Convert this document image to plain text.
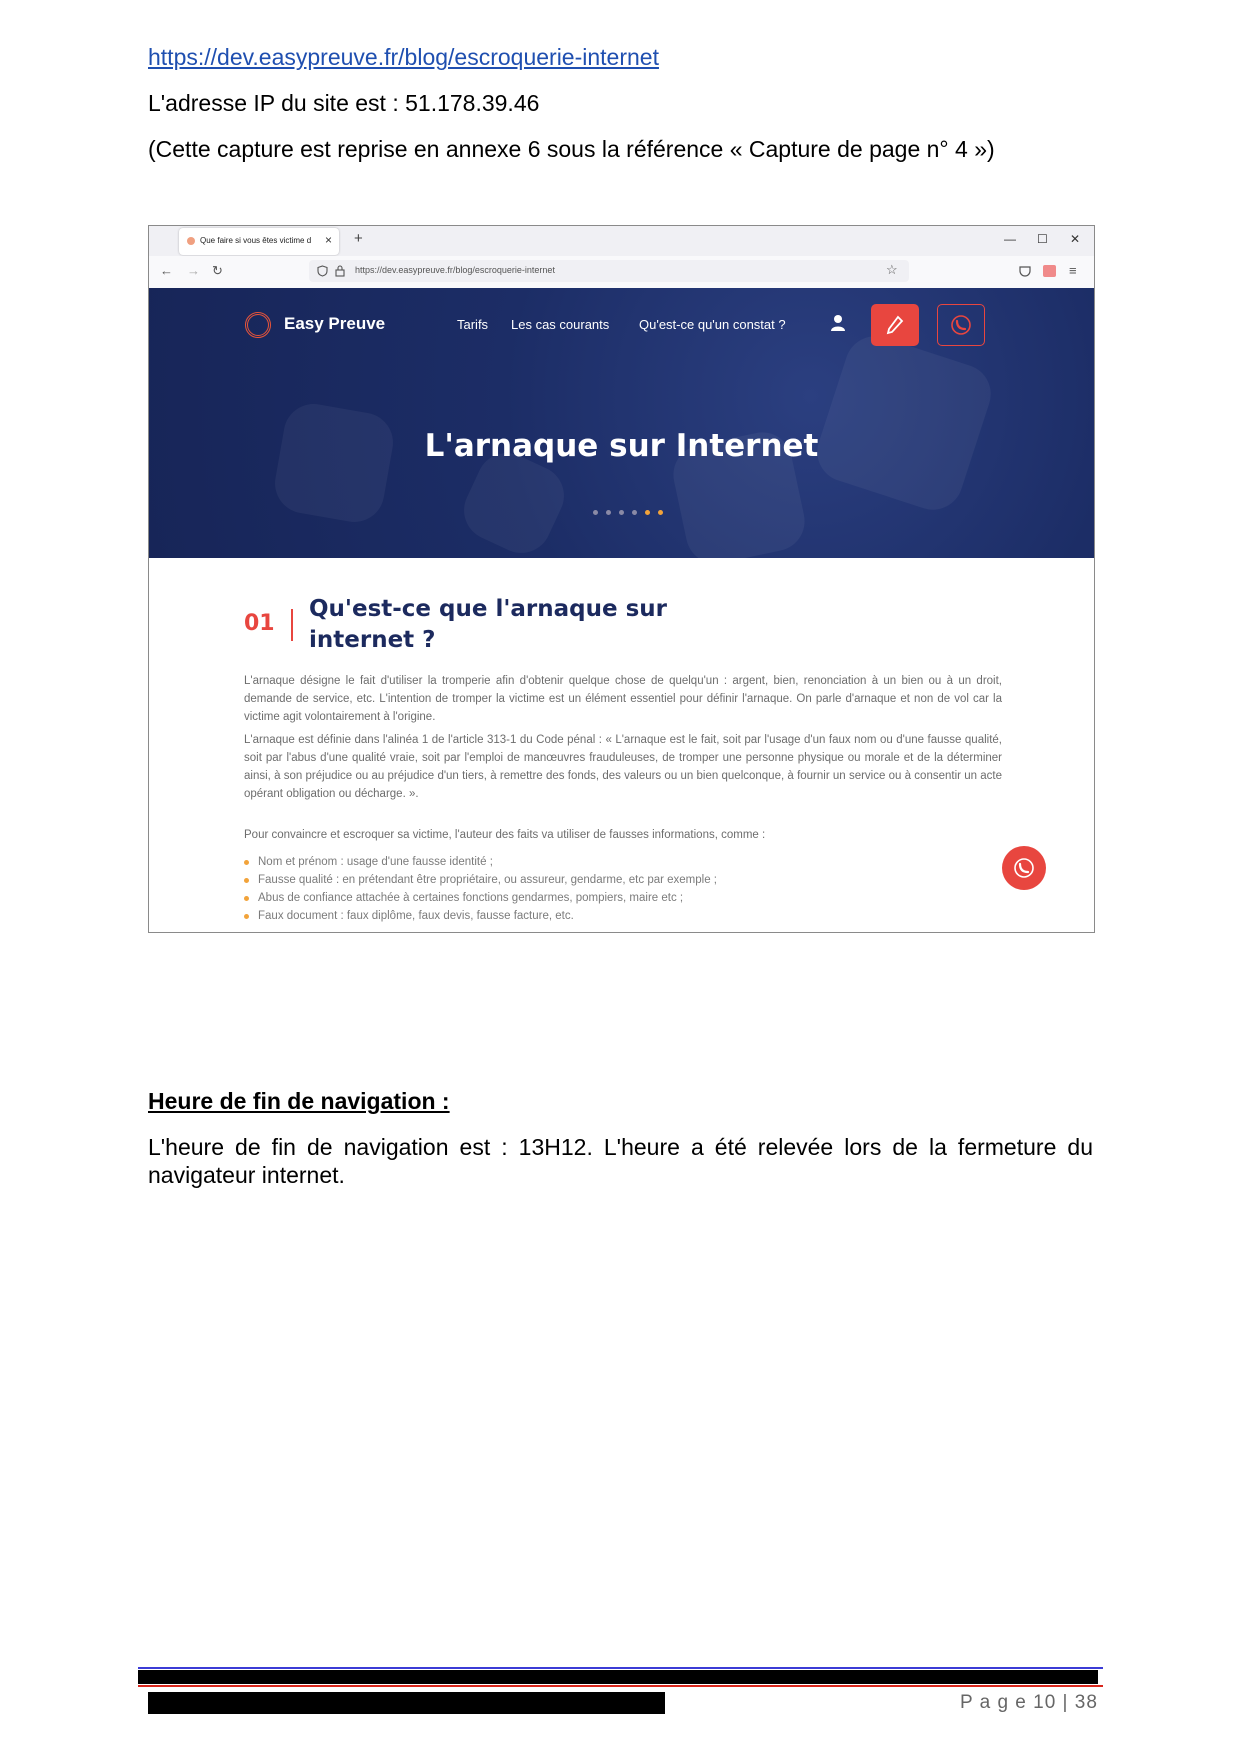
https://dev.easypreuve.fr/blog/escroquerie-internet
L'adresse IP du site est : 51.178.39.46
(Cette capture est reprise en annexe 6 sous la référence « Capture de page n° 4 »)
Que faire si vous êtes victime d	× +	— ☐ ✕
← → ↻	https://dev.easypreuve.fr/blog/escroquerie-internet	☆	≡
Easy Preuve	Tarifs Les cas courants Qu'est-ce qu'un constat ?
L'arnaque sur Internet
01
Qu'est-ce que l'arnaque sur internet ?
L'arnaque désigne le fait d'utiliser la tromperie afin d'obtenir quelque chose de quelqu'un : argent, bien, renonciation à un bien ou à un droit, demande de service, etc. L'intention de tromper la victime est un élément essentiel pour définir l'arnaque. On parle d'arnaque et non de vol car la victime agit volontairement à l'origine.
L'arnaque est définie dans l'alinéa 1 de l'article 313-1 du Code pénal : « L'arnaque est le fait, soit par l'usage d'un faux nom ou d'une fausse qualité, soit par l'abus d'une qualité vraie, soit par l'emploi de manœuvres frauduleuses, de tromper une personne physique ou morale et de la déterminer ainsi, à son préjudice ou au préjudice d'un tiers, à remettre des fonds, des valeurs ou un bien quelconque, à fournir un service ou à consentir un acte opérant obligation ou décharge. ».
Pour convaincre et escroquer sa victime, l'auteur des faits va utiliser de fausses informations, comme :
Nom et prénom : usage d'une fausse identité ;
Fausse qualité : en prétendant être propriétaire, ou assureur, gendarme, etc par exemple ;
Abus de confiance attachée à certaines fonctions gendarmes, pompiers, maire etc ;
Faux document : faux diplôme, faux devis, fausse facture, etc.
Heure de fin de navigation :
L'heure de fin de navigation est : 13H12. L'heure a été relevée lors de la fermeture du navigateur internet.
P a g e 10 | 38
